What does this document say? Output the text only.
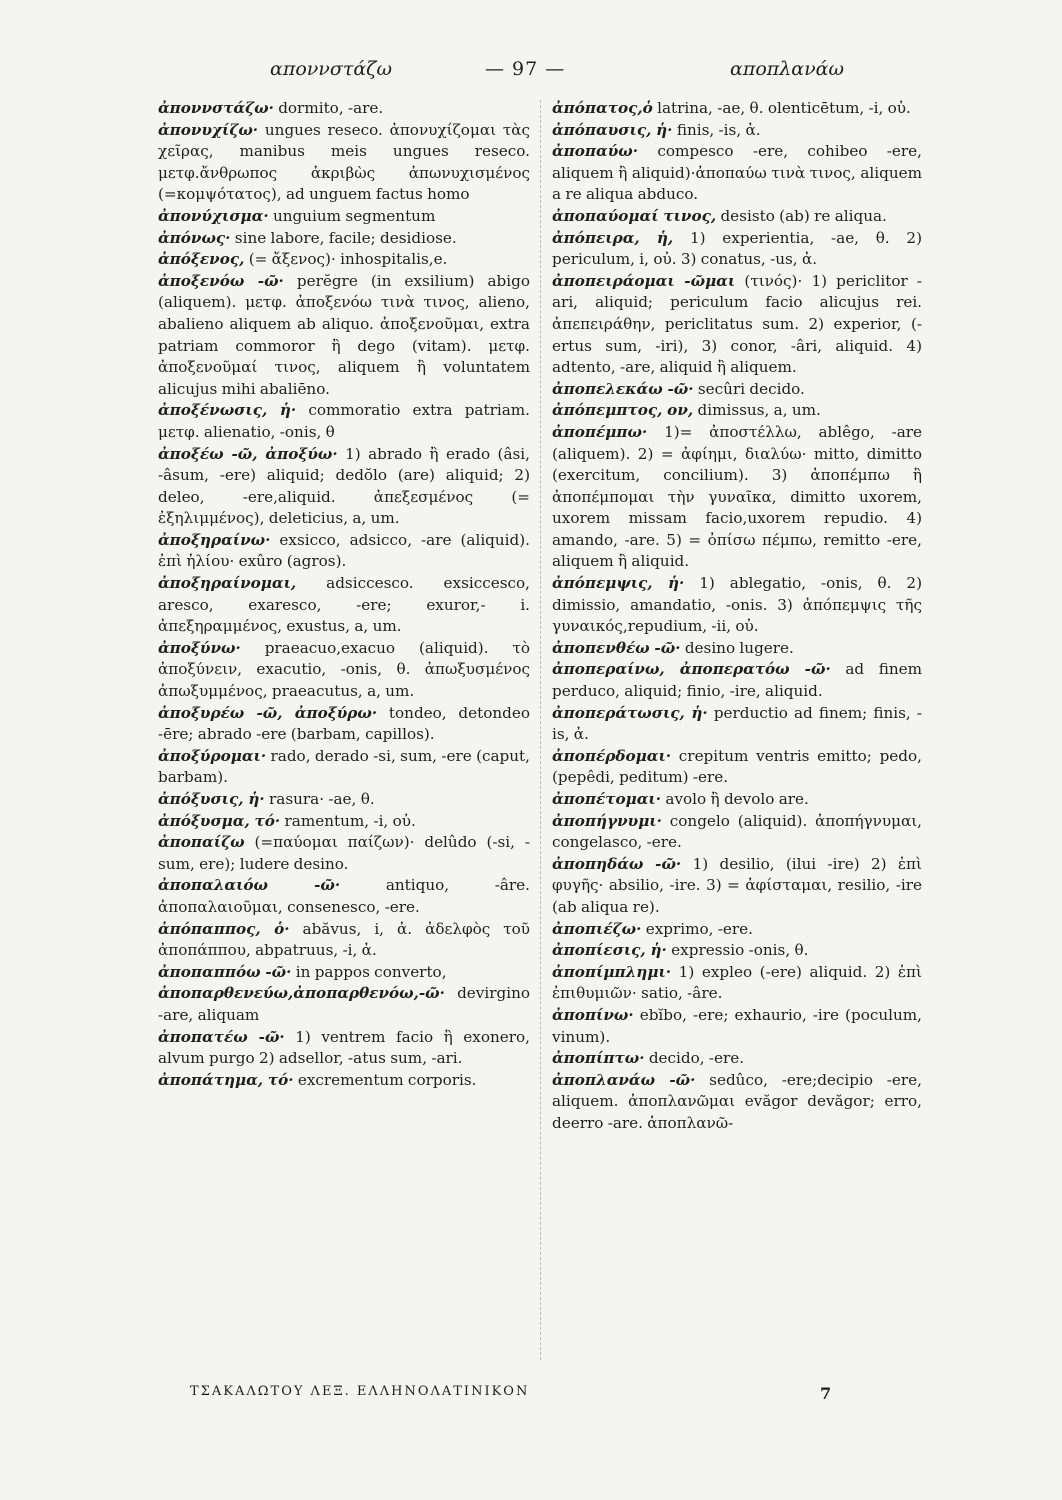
αποννστάζω	— 97 —	αποπλανάω
ἀποννστάζω· dormito, -are.
ἀπονυχίζω· ungues reseco. ἀπονυχίζομαι τὰς χεῖρας, manibus meis ungues reseco. μετφ.ἄνθρωπος ἀκριβὼς ἀπωνυχισμένος (=κομψότατος), ad unguem factus homo
ἀπονύχισμα· unguium segmentum
ἀπόνως· sine labore, facile; desidiose.
ἀπόξενος, (= ἄξενος)· inhospitalis,e.
ἀποξενόω -ῶ· perĕgre (in exsilium) abigo (aliquem). μετφ. ἀποξενόω τινὰ τινος, alieno, abalieno aliquem ab aliquo. ἀποξενοῦμαι, extra patriam commoror ἢ dego (vitam). μετφ. ἀποξενοῦμαί τινος, aliquem ἢ voluntatem alicujus mihi abaliēno.
ἀποξένωσις, ἡ· commoratio extra patriam. μετφ. alienatio, -onis, θ
ἀποξέω -ῶ, ἀποξύω· 1) abrado ἢ erado (âsi, -âsum, -ere) aliquid; dedŏlo (are) aliquid; 2) deleo, -ere,aliquid. ἀπεξεσμένος (= ἐξηλιμμένος), deleticius, a, um.
ἀποξηραίνω· exsicco, adsicco, -are (aliquid). ἐπὶ ἡλίου· exûro (agros).
ἀποξηραίνομαι, adsiccesco. exsiccesco, aresco, exaresco, -ere; exuror,- i. ἀπεξηραμμένος, exustus, a, um.
ἀποξύνω· praeacuo,exacuo (aliquid). τὸ ἀποξύνειν, exacutio, -onis, θ. ἀπωξυσμένος ἀπωξυμμένος, praeacutus, a, um.
ἀποξυρέω -ῶ, ἀποξύρω· tondeo, detondeo -ēre; abrado -ere (barbam, capillos).
ἀποξύρομαι· rado, derado -si, sum, -ere (caput, barbam).
ἀπόξυσις, ἡ· rasura· -ae, θ.
ἀπόξυσμα, τό· ramentum, -i, οὐ.
ἀποπαίζω (=παύομαι παίζων)· delûdo (-si, -sum, ere); ludere desino.
ἀποπαλαιόω -ῶ·	antiquo, -âre. ἀποπαλαιοῦμαι, consenesco, -ere.
ἀπόπαππος, ὁ· abăvus, i, ἀ. ἀδελφὸς τοῦ ἀποπάππου, abpatruus, -i, ἀ.
ἀποπαππόω -ῶ· in pappos converto,
ἀποπαρθενεύω,ἀποπαρθενόω,-ῶ· devirgino -are, aliquam
ἀποπατέω -ῶ· 1) ventrem facio ἢ exonero, alvum purgo 2) adsellor, -atus sum, -ari.
ἀποπάτημα, τό· excrementum corporis.
ἀπόπατος,ὁ latrina, -ae, θ. olenticētum, -i, οὐ.
ἀπόπαυσις, ἡ· finis, -is, ἀ.
ἀποπαύω· compesco -ere, cohibeo -ere, aliquem ἢ aliquid)·ἀποπαύω τινὰ τινος, aliquem a re aliqua abduco.
ἀποπαύομαί τινος, desisto (ab) re aliqua.
ἀπόπειρα, ἡ, 1) experientia, -ae, θ. 2) periculum, i, οὐ. 3) conatus, -us, ἀ.
ἀποπειράομαι -ῶμαι (τινός)· 1) periclitor -ari, aliquid; periculum facio alicujus rei. ἀπεπειράθην, periclitatus sum. 2) experior, (-ertus sum, -iri), 3) conor, -âri, aliquid. 4) adtento, -are, aliquid ἢ aliquem.
ἀποπελεκάω -ῶ· secûri decido.
ἀπόπεμπτος, ον, dimissus, a, um.
ἀποπέμπω· 1)= ἀποστέλλω, ablêgo, -are (aliquem). 2) = ἀφίημι, διαλύω· mitto, dimitto (exercitum, concilium). 3) ἀποπέμπω ἢ ἀποπέμπομαι τὴν γυναῖκα, dimitto uxorem, uxorem missam facio,uxorem repudio. 4) amando, -are. 5) = ὀπίσω πέμπω, remitto -ere, aliquem ἢ aliquid.
ἀπόπεμψις, ἡ· 1) ablegatio, -onis, θ. 2) dimissio, amandatio, -onis. 3) ἀπόπεμψις τῆς γυναικός,repudium, -ii, οὐ.
ἀποπενθέω -ῶ· desino lugere.
ἀποπεραίνω, ἀποπερατόω -ῶ· ad finem perduco, aliquid; finio, -ire, aliquid.
ἀποπεράτωσις, ἡ· perductio ad finem; finis, -is, ἀ.
ἀποπέρδομαι· crepitum ventris emitto; pedo, (pepêdi, peditum) -ere.
ἀποπέτομαι· avolo ἢ devolo are.
ἀποπήγνυμι· congelo (aliquid). ἀποπήγνυμαι, congelasco, -ere.
ἀποπηδάω -ῶ· 1) desilio, (ilui -ire) 2) ἐπὶ φυγῆς· absilio, -ire. 3) = ἀφίσταμαι, resilio, -ire (ab aliqua re).
ἀποπιέζω· exprimo, -ere.
ἀποπίεσις, ἡ· expressio -onis, θ.
ἀποπίμπλημι· 1) expleo (-ere) aliquid. 2) ἐπὶ ἐπιθυμιῶν· satio, -âre.
ἀποπίνω· ebĭbo, -ere; exhaurio, -ire (poculum, vinum).
ἀποπίπτω· decido, -ere.
ἀποπλανάω -ῶ· sedûco, -ere;decipio -ere, aliquem. ἀποπλανῶμαι evăgor devăgor; erro, deerro -are. ἀποπλανῶ-
ΤΣΑΚΑΛΩΤΟΥ ΛΕΞ. ΕΛΛΗΝΟΛΑΤΙΝΙΚΟΝ	7
